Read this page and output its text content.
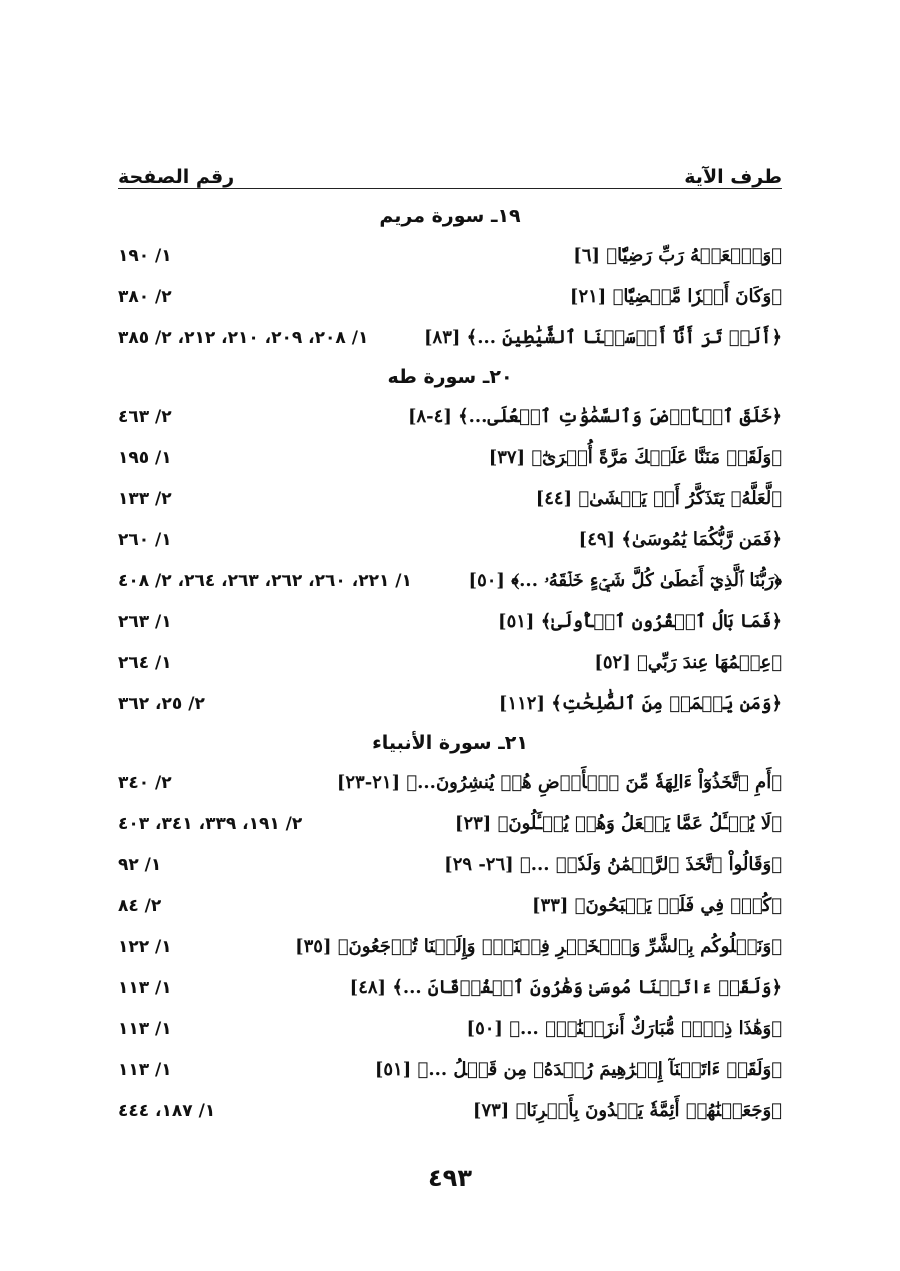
طرف الآية
رقم الصفحة
١٩ـ سورة مريم
﴿وَٱجۡعَلۡهُ رَبِّ رَضِيّٗا﴾ [٦]
١/ ١٩٠
﴿وَكَانَ أَمۡرٗا مَّقۡضِيّٗا﴾ [٢١]
٢/ ٣٨٠
﴿أَلَمۡ تَرَ أَنَّآ أَرۡسَلۡنَا ٱلشَّيَٰطِينَ ...﴾ [٨٣]
١/ ٢٠٨، ٢٠٩، ٢١٠، ٢١٢، ٢/ ٣٨٥
٢٠ـ سورة طه
﴿خَلَقَ ٱلۡأَرۡضَ وَٱلسَّمَٰوَٰتِ ٱلۡعُلَى...﴾ [٤-٨]
٢/ ٤٦٣
﴿وَلَقَدۡ مَنَنَّا عَلَيۡكَ مَرَّةً أُخۡرَىٰٓ﴾ [٣٧]
١/ ١٩٥
﴿لَّعَلَّهُۥ يَتَذَكَّرُ أَوۡ يَخۡشَىٰ﴾ [٤٤]
٢/ ١٣٣
﴿فَمَن رَّبُّكُمَا يَٰمُوسَىٰ﴾ [٤٩]
١/ ٢٦٠
﴿رَبُّنَا ٱلَّذِيٓ أَعۡطَىٰ كُلَّ شَيۡءٍ خَلۡقَهُۥ ...﴾ [٥٠]
١/ ٢٢١، ٢٦٠، ٢٦٢، ٢٦٣، ٢٦٤، ٢/ ٤٠٨
﴿فَمَا بَالُ ٱلۡقُرُونِ ٱلۡأُولَىٰ﴾ [٥١]
١/ ٢٦٣
﴿عِلۡمُهَا عِندَ رَبِّي﴾ [٥٢]
١/ ٢٦٤
﴿وَمَن يَعۡمَلۡ مِنَ ٱلصَّٰلِحَٰتِ﴾ [١١٢]
٢/ ٢٥، ٣٦٢
٢١ـ سورة الأنبياء
﴿أَمِ ٱتَّخَذُوٓاْ ءَالِهَةٗ مِّنَ ٱلۡأَرۡضِ هُمۡ يُنشِرُونَ...﴾ [٢١-٢٣]
٢/ ٣٤٠
﴿لَا يُسۡـَٔلُ عَمَّا يَفۡعَلُ وَهُمۡ يُسۡـَٔلُونَ﴾ [٢٣]
٢/ ١٩١، ٣٣٩، ٣٤١، ٤٠٣
﴿وَقَالُواْ ٱتَّخَذَ ٱلرَّحۡمَٰنُ وَلَدٗاۗ ...﴾ [٢٦- ٢٩]
١/ ٩٢
﴿كُلّٞ فِي فَلَكٖ يَسۡبَحُونَ﴾ [٣٣]
٢/ ٨٤
﴿وَنَبۡلُوكُم بِٱلشَّرِّ وَٱلۡخَيۡرِ فِتۡنَةٗۖ وَإِلَيۡنَا تُرۡجَعُونَ﴾ [٣٥]
١/ ١٢٢
﴿وَلَقَدۡ ءَاتَيۡنَا مُوسَىٰ وَهَٰرُونَ ٱلۡفُرۡقَانَ ...﴾ [٤٨]
١/ ١١٣
﴿وَهَٰذَا ذِكۡرٞ مُّبَارَكٌ أَنزَلۡنَٰهُۚ ...﴾ [٥٠]
١/ ١١٣
﴿وَلَقَدۡ ءَاتَيۡنَآ إِبۡرَٰهِيمَ رُشۡدَهُۥ مِن قَبۡلُ ...﴾ [٥١]
١/ ١١٣
﴿وَجَعَلۡنَٰهُمۡ أَئِمَّةٗ يَهۡدُونَ بِأَمۡرِنَا﴾ [٧٣]
١/ ١٨٧، ٤٤٤
٤٩٣
